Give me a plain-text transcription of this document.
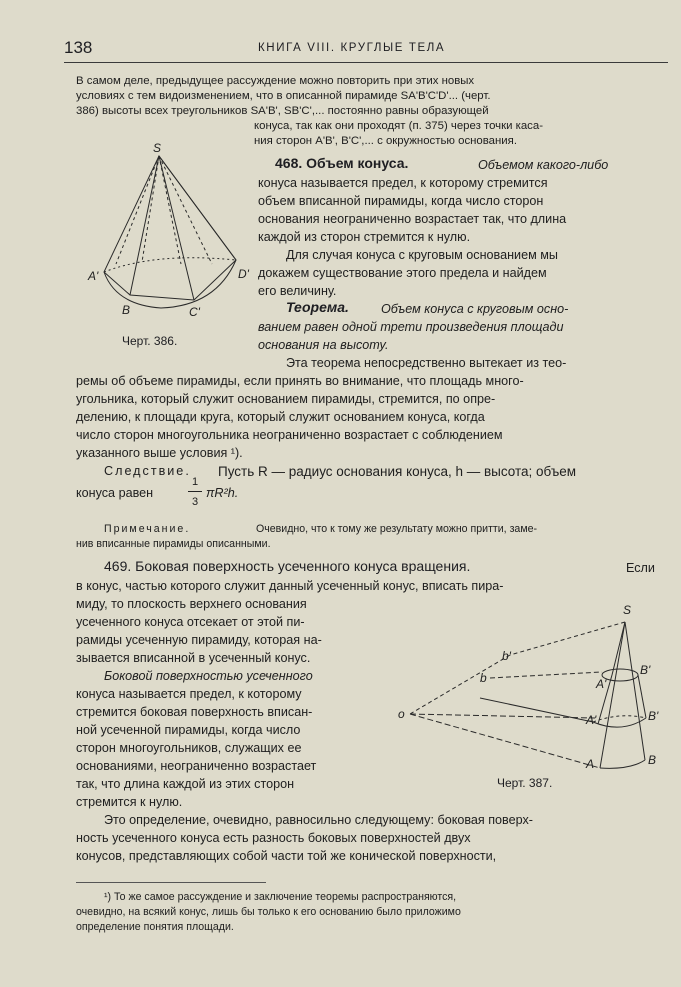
138	КНИГА VIII. КРУГЛЫЕ ТЕЛА
В самом деле, предыдущее рассуждение можно повторить при этих новых
условиях с тем видоизменением, что в описанной пирамиде SA'B'C'D'... (черт.
386) высоты всех треугольников SA'B', SB'C',... постоянно равны образующей
конуса, так как они проходят (п. 375) через точки каса-
ния сторон A'B', B'C',... с окружностью основания.
S
A'	D'
B	C'
Черт. 386.
468. Объем конуса.	Объемом какого-либо
конуса называется предел, к которому стремится
объем вписанной пирамиды, когда число сторон
основания неограниченно возрастает так, что длина
каждой из сторон стремится к нулю.
Для случая конуса с круговым основанием мы
докажем существование этого предела и найдем
его величину.
Теорема.	Объем конуса с круговым осно-
ванием равен одной трети произведения площади
основания на высоту.
Эта теорема непосредственно вытекает из тео-
ремы об объеме пирамиды, если принять во внимание, что площадь много-
угольника, который служит основанием пирамиды, стремится, по опре-
делению, к площади круга, который служит основанием конуса, когда
число сторон многоугольника неограниченно возрастает с соблюдением
указанного выше условия ¹).
Следствие. Пусть R — радиус основания конуса, h — высота; объем
конуса равен
1
3
πR²h.
Примечание.	Очевидно, что к тому же результату можно притти, заме-
нив вписанные пирамиды описанными.
469. Боковая поверхность усеченного конуса вращения.	Если
в конус, частью которого служит данный усеченный конус, вписать пира-
миду, то плоскость верхнего основания
усеченного конуса отсекает от этой пи-
рамиды усеченную пирамиду, которая на-
зывается вписанной в усеченный конус.
Боковой поверхностью усеченного
конуса называется предел, к которому
стремится боковая поверхность вписан-
ной усеченной пирамиды, когда число
сторон многоугольников, служащих ее
основаниями, неограниченно возрастает
так, что длина каждой из этих сторон
стремится к нулю.
Это определение, очевидно, равносильно следующему: боковая поверх-
ность усеченного конуса есть разность боковых поверхностей двух
конусов, представляющих собой части той же конической поверхности,
S
b'
b	A'
A'
A
B'
B'
B
o
Черт. 387.
¹) То же самое рассуждение и заключение теоремы распространяются,
очевидно, на всякий конус, лишь бы только к его основанию было приложимо
определение понятия площади.
